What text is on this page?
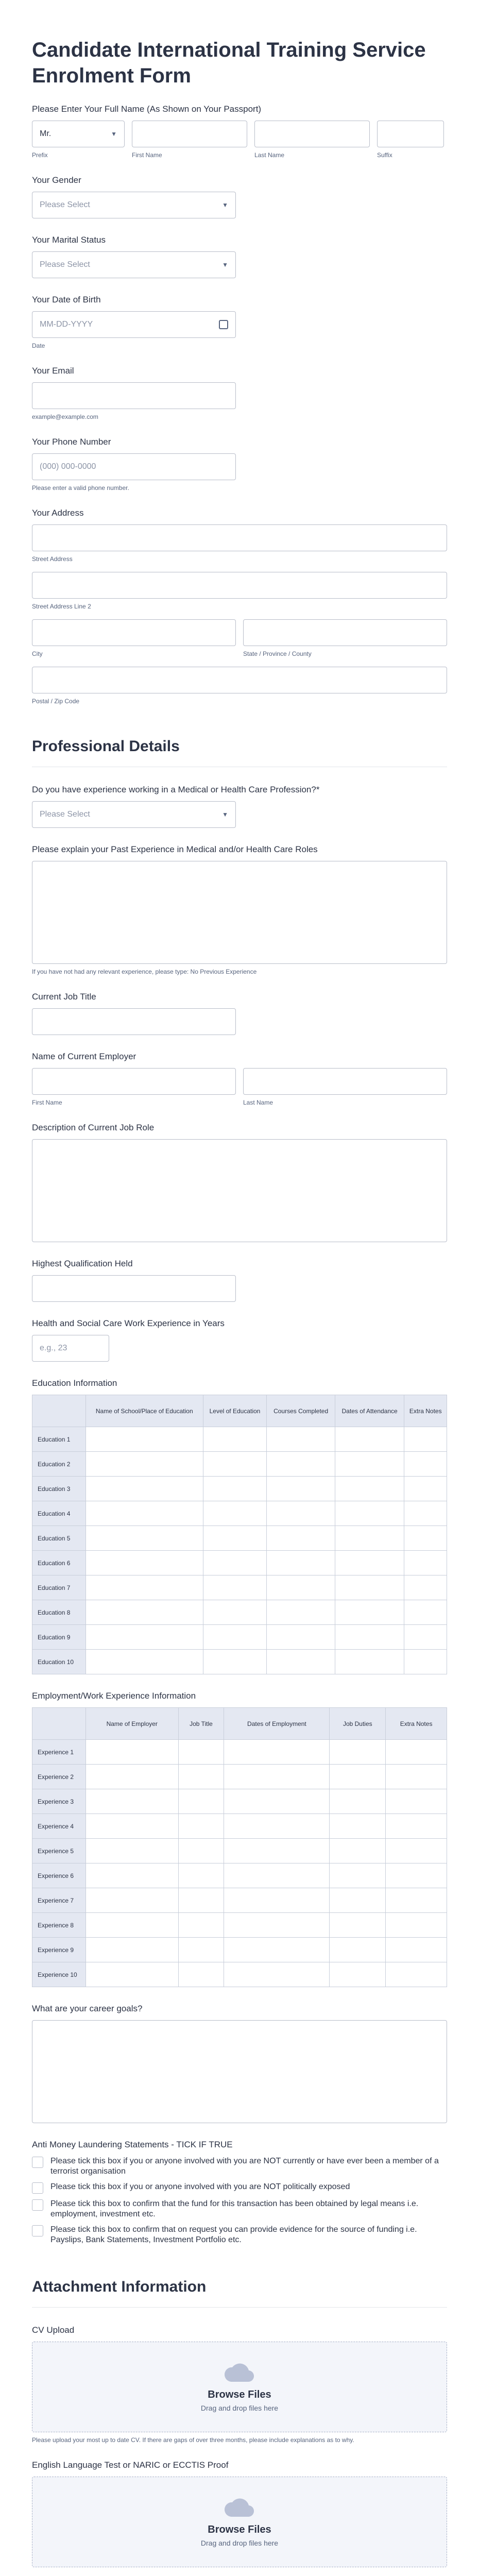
Candidate International Training Service Enrolment Form
Please Enter Your Full Name (As Shown on Your Passport)
Mr.	▼
Prefix	First Name	Last Name	Suffix
Your Gender
Please Select	▼
Your Marital Status
Please Select	▼
Your Date of Birth
MM-DD-YYYY
Date
Your Email
example@example.com
Your Phone Number
(000) 000-0000
Please enter a valid phone number.
Your Address
Street Address
Street Address Line 2
City	State / Province / County
Postal / Zip Code
Professional Details
Do you have experience working in a Medical or Health Care Profession?*
Please Select	▼
Please explain your Past Experience in Medical and/or Health Care Roles
If you have not had any relevant experience, please type: No Previous Experience
Current Job Title
Name of Current Employer
First Name	Last Name
Description of Current Job Role
Highest Qualification Held
Health and Social Care Work Experience in Years
e.g., 23
Education Information
	Name of School/Place of Education	Level of Education	Courses Completed	Dates of Attendance	Extra Notes
Education 1					
Education 2					
Education 3					
Education 4					
Education 5					
Education 6					
Education 7					
Education 8					
Education 9					
Education 10					
Employment/Work Experience Information
	Name of Employer	Job Title	Dates of Employment	Job Duties	Extra Notes
Experience 1					
Experience 2					
Experience 3					
Experience 4					
Experience 5					
Experience 6					
Experience 7					
Experience 8					
Experience 9					
Experience 10					
What are your career goals?
Anti Money Laundering Statements - TICK IF TRUE
Please tick this box if you or anyone involved with you are NOT currently or have ever been a member of a terrorist organisation
Please tick this box if you or anyone involved with you are NOT politically exposed
Please tick this box to confirm that the fund for this transaction has been obtained by legal means i.e. employment, investment etc.
Please tick this box to confirm that on request you can provide evidence for the source of funding i.e. Payslips, Bank Statements, Investment Portfolio etc.
Attachment Information
CV Upload
Browse Files
Drag and drop files here
Please upload your most up to date CV. If there are gaps of over three months, please include explanations as to why.
English Language Test or NARIC or ECCTIS Proof
Browse Files
Drag and drop files here
